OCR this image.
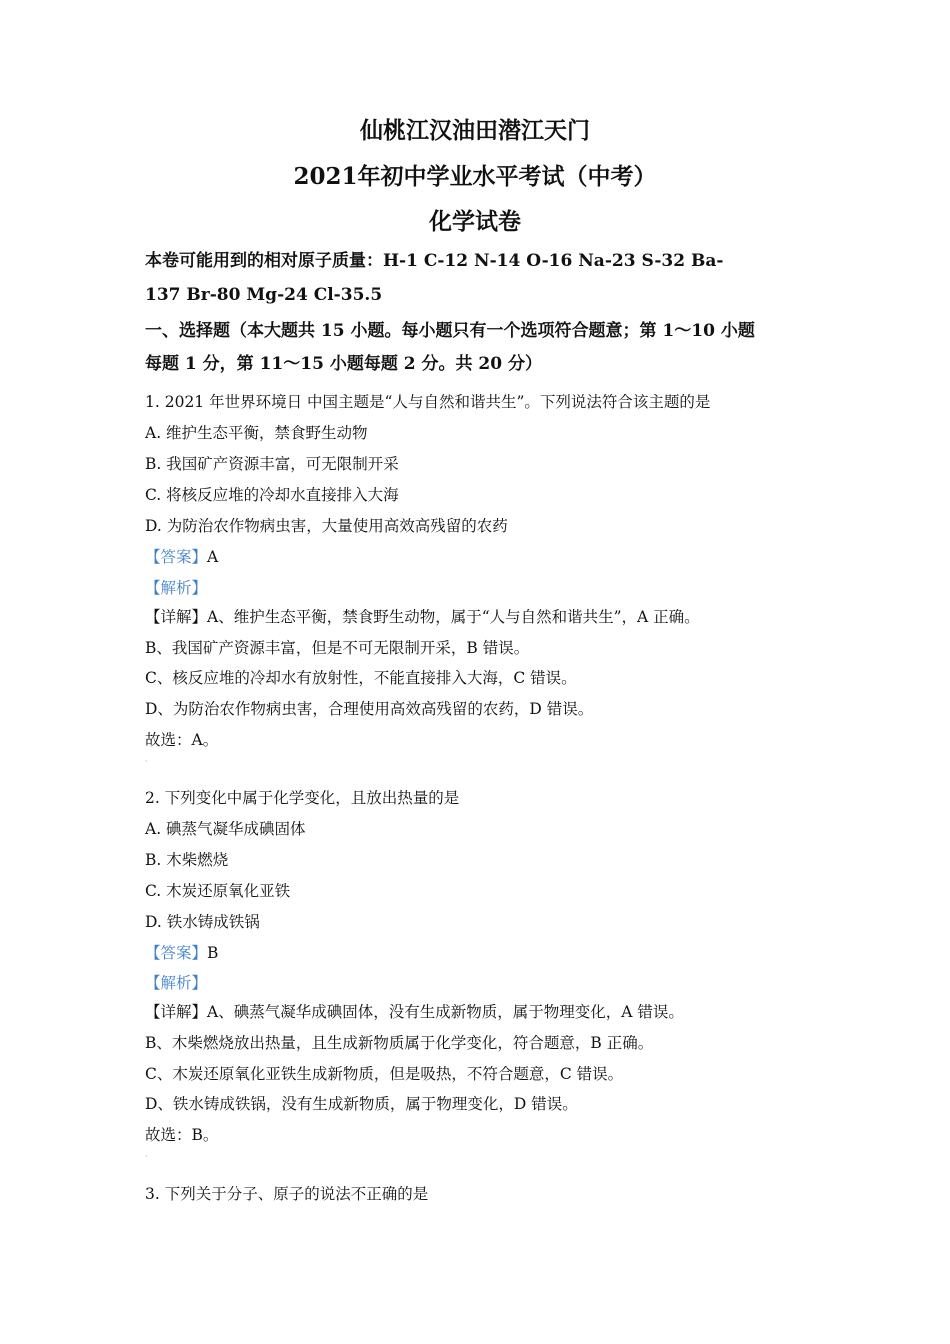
仙桃江汉油田潜江天门
2021年初中学业水平考试（中考）
化学试卷
本卷可能用到的相对原子质量：H-1 C-12 N-14 O-16 Na-23 S-32 Ba-
137 Br-80 Mg-24 Cl-35.5
一、选择题（本大题共 15 小题。每小题只有一个选项符合题意；第 1～10 小题
每题 1 分，第 11～15 小题每题 2 分。共 20 分）
1. 2021 年世界环境日 中国主题是“人与自然和谐共生”。下列说法符合该主题的是
A. 维护生态平衡，禁食野生动物
B. 我国矿产资源丰富，可无限制开采
C. 将核反应堆的冷却水直接排入大海
D. 为防治农作物病虫害，大量使用高效高残留的农药
【答案】A
【解析】
【详解】A、维护生态平衡，禁食野生动物，属于“人与自然和谐共生”，A 正确。
B、我国矿产资源丰富，但是不可无限制开采，B 错误。
C、核反应堆的冷却水有放射性，不能直接排入大海，C 错误。
D、为防治农作物病虫害，合理使用高效高残留的农药，D 错误。
故选：A。
·
2. 下列变化中属于化学变化，且放出热量的是
A. 碘蒸气凝华成碘固体
B. 木柴燃烧
C. 木炭还原氧化亚铁
D. 铁水铸成铁锅
【答案】B
【解析】
【详解】A、碘蒸气凝华成碘固体，没有生成新物质，属于物理变化，A 错误。
B、木柴燃烧放出热量，且生成新物质属于化学变化，符合题意，B 正确。
C、木炭还原氧化亚铁生成新物质，但是吸热，不符合题意，C 错误。
D、铁水铸成铁锅，没有生成新物质，属于物理变化，D 错误。
故选：B。
·
3. 下列关于分子、原子的说法不正确的是
